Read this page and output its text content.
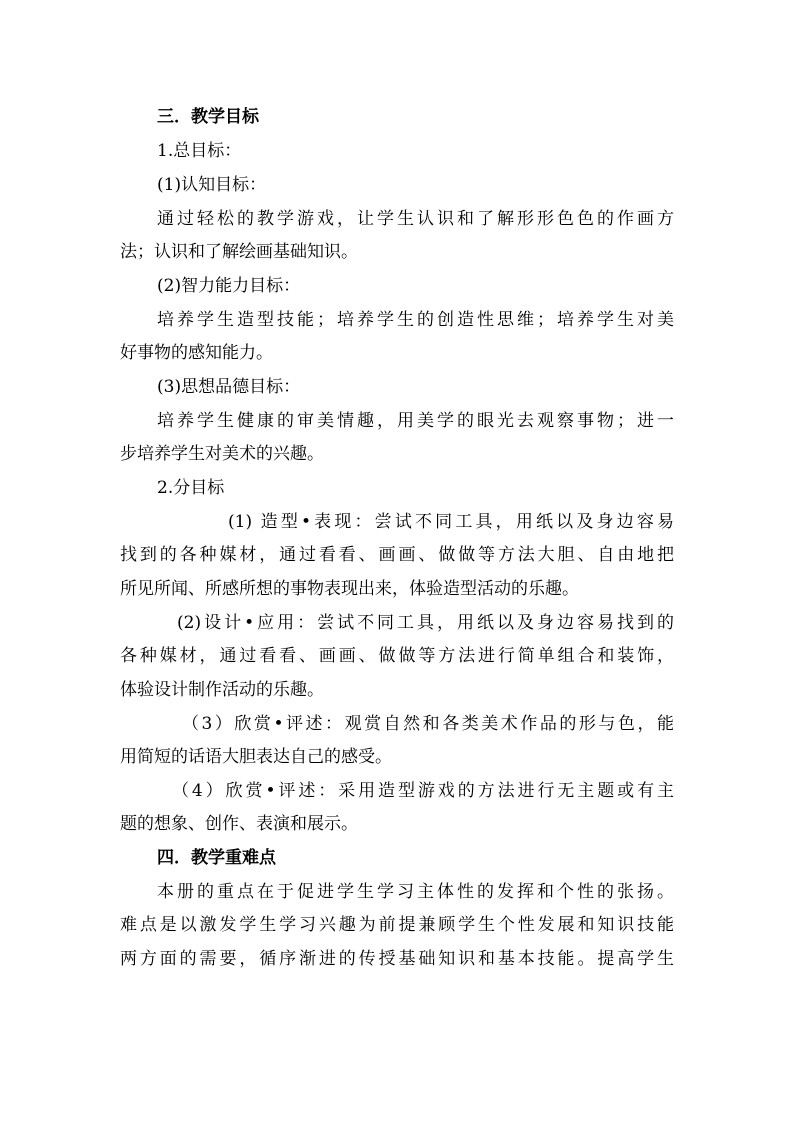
三．教学目标
1.总目标：
(1)认知目标：
通过轻松的教学游戏，让学生认识和了解形形色色的作画方
法；认识和了解绘画基础知识。
(2)智力能力目标：
培养学生造型技能；培养学生的创造性思维；培养学生对美
好事物的感知能力。
(3)思想品德目标：
培养学生健康的审美情趣，用美学的眼光去观察事物；进一
步培养学生对美术的兴趣。
2.分目标
(1) 造型•表现：尝试不同工具，用纸以及身边容易
找到的各种媒材，通过看看、画画、做做等方法大胆、自由地把
所见所闻、所感所想的事物表现出来，体验造型活动的乐趣。
(2)设计•应用：尝试不同工具，用纸以及身边容易找到的
各种媒材，通过看看、画画、做做等方法进行简单组合和装饰，
体验设计制作活动的乐趣。
（3）欣赏•评述：观赏自然和各类美术作品的形与色，能
用简短的话语大胆表达自己的感受。
（4）欣赏•评述：采用造型游戏的方法进行无主题或有主
题的想象、创作、表演和展示。
四．教学重难点
本册的重点在于促进学生学习主体性的发挥和个性的张扬。
难点是以激发学生学习兴趣为前提兼顾学生个性发展和知识技能
两方面的需要，循序渐进的传授基础知识和基本技能。提高学生
